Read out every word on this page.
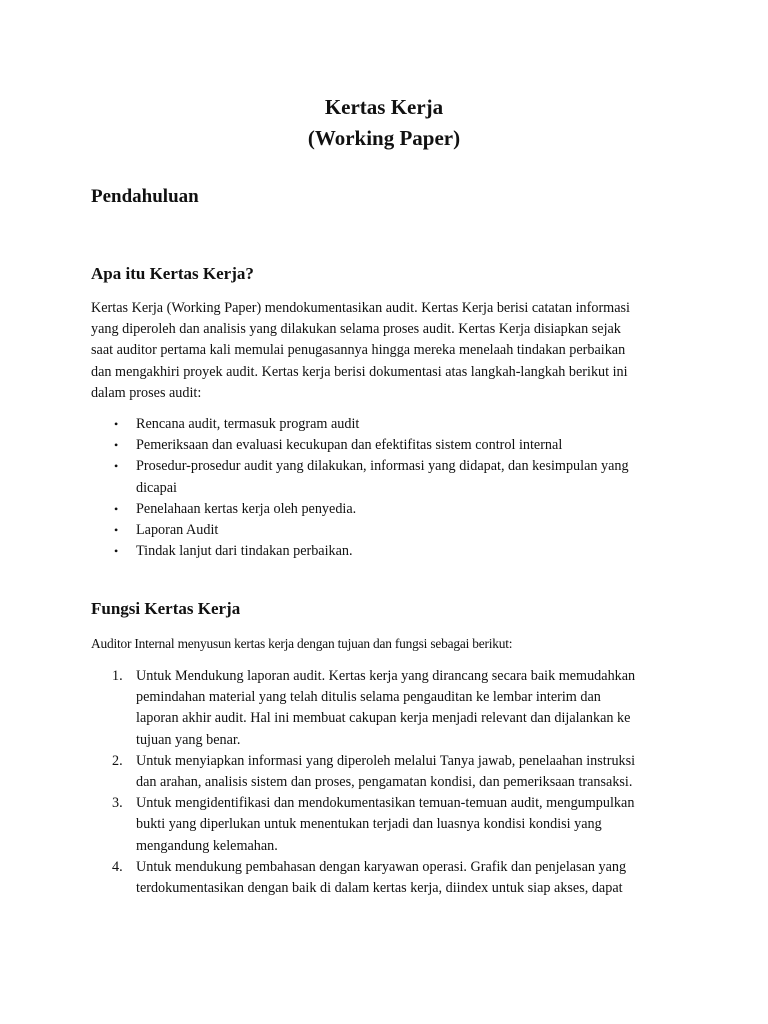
Kertas Kerja
(Working Paper)
Pendahuluan
Apa itu Kertas Kerja?

Kertas Kerja (Working Paper) mendokumentasikan audit. Kertas Kerja berisi catatan informasi
yang diperoleh dan analisis yang dilakukan selama proses audit. Kertas Kerja disiapkan sejak
saat auditor pertama kali memulai penugasannya hingga mereka menelaah tindakan perbaikan
dan mengakhiri proyek audit. Kertas kerja berisi dokumentasi atas langkah-langkah berikut ini
dalam proses audit:

• Rencana audit, termasuk program audit
• Pemeriksaan dan evaluasi kecukupan dan efektifitas sistem control internal
• Prosedur-prosedur audit yang dilakukan, informasi yang didapat, dan kesimpulan yang
dicapai
• Penelahaan kertas kerja oleh penyedia.
• Laporan Audit
• Tindak lanjut dari tindakan perbaikan.
Fungsi Kertas Kerja

Auditor Internal menyusun kertas kerja dengan tujuan dan fungsi sebagai berikut:

1. Untuk Mendukung laporan audit. Kertas kerja yang dirancang secara baik memudahkan
pemindahan material yang telah ditulis selama pengauditan ke lembar interim dan
laporan akhir audit. Hal ini membuat cakupan kerja menjadi relevant dan dijalankan ke
tujuan yang benar.
2. Untuk menyiapkan informasi yang diperoleh melalui Tanya jawab, penelaahan instruksi
dan arahan, analisis sistem dan proses, pengamatan kondisi, dan pemeriksaan transaksi.
3. Untuk mengidentifikasi dan mendokumentasikan temuan-temuan audit, mengumpulkan
bukti yang diperlukan untuk menentukan terjadi dan luasnya kondisi kondisi yang
mengandung kelemahan.
4. Untuk mendukung pembahasan dengan karyawan operasi. Grafik dan penjelasan yang
terdokumentasikan dengan baik di dalam kertas kerja, diindex untuk siap akses, dapat
